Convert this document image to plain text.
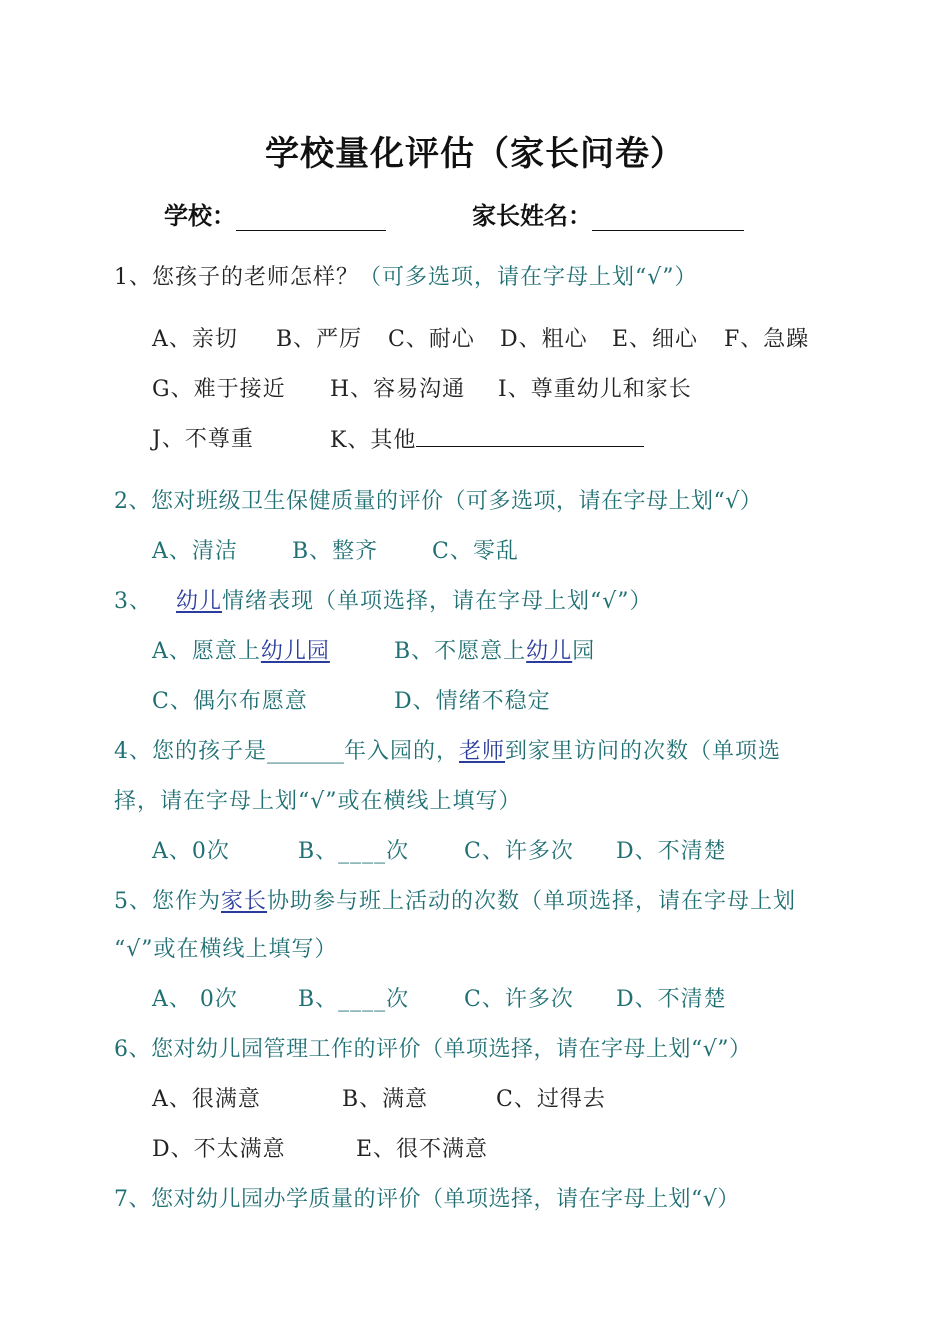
学校量化评估（家长问卷）
学校：	家长姓名：
1、您孩子的老师怎样？（可多选项，请在字母上划“√”）
A、亲切 B、严厉 C、耐心 D、粗心 E、细心 F、急躁
G、难于接近 H、容易沟通 I、尊重幼儿和家长
J、不尊重	K、其他
2、您对班级卫生保健质量的评价（可多选项，请在字母上划“√）
A、清洁 B、整齐 C、零乱
3、 幼儿情绪表现（单项选择，请在字母上划“√”）
A、愿意上幼儿园	B、不愿意上幼儿园
C、偶尔布愿意	D、情绪不稳定
4、您的孩子是_______年入园的，老师到家里访问的次数（单项选
择，请在字母上划“√”或在横线上填写）
A、0次	B、____次 C、许多次 D、不清楚
5、您作为家长协助参与班上活动的次数（单项选择，请在字母上划
“√”或在横线上填写）
A、 0次	B、____次 C、许多次 D、不清楚
6、您对幼儿园管理工作的评价（单项选择，请在字母上划“√”）
A、很满意	B、满意	C、过得去
D、不太满意	E、很不满意
7、您对幼儿园办学质量的评价（单项选择，请在字母上划“√）
